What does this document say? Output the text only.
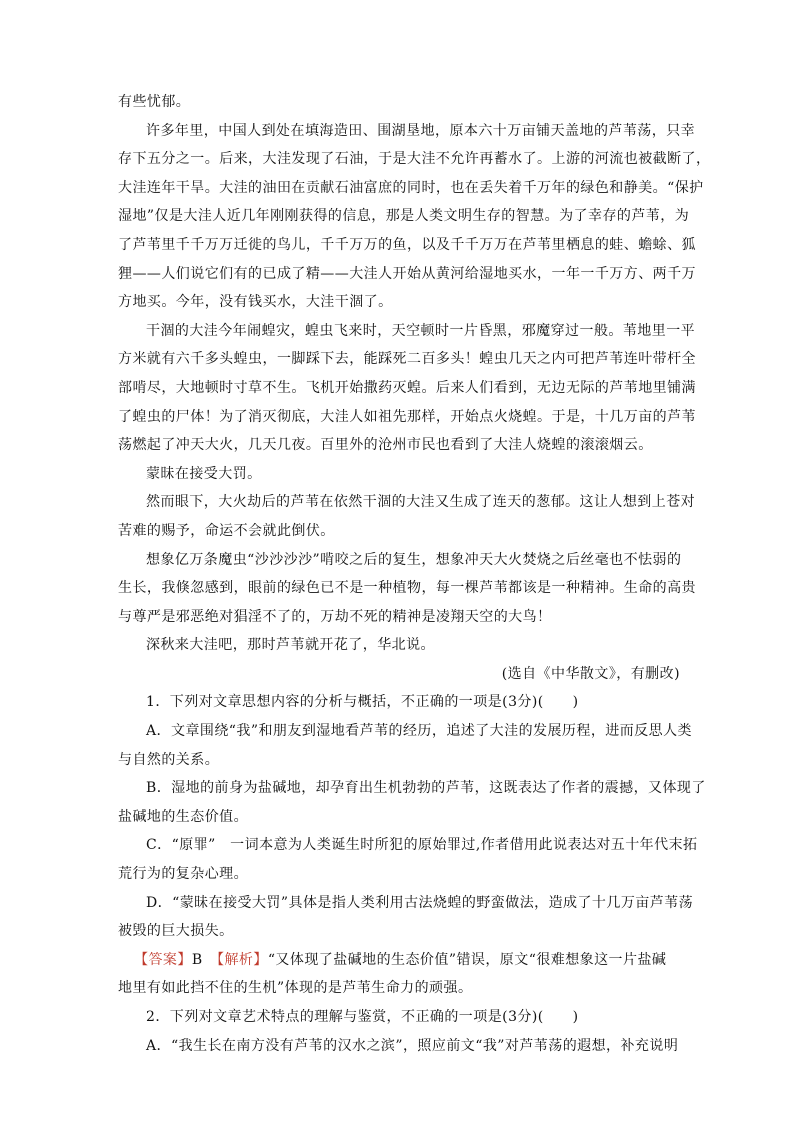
有些忧郁。
许多年里，中国人到处在填海造田、围湖垦地，原本六十万亩铺天盖地的芦苇荡，只幸
存下五分之一。后来，大洼发现了石油，于是大洼不允许再蓄水了。上游的河流也被截断了，
大洼连年干旱。大洼的油田在贡献石油富庶的同时，也在丢失着千万年的绿色和静美。“保护
湿地”仅是大洼人近几年刚刚获得的信息，那是人类文明生存的智慧。为了幸存的芦苇，为
了芦苇里千千万万迁徙的鸟儿，千千万万的鱼，以及千千万万在芦苇里栖息的蛙、蟾蜍、狐
狸——人们说它们有的已成了精——大洼人开始从黄河给湿地买水，一年一千万方、两千万
方地买。今年，没有钱买水，大洼干涸了。
干涸的大洼今年闹蝗灾，蝗虫飞来时，天空顿时一片昏黑，邪魔穿过一般。苇地里一平
方米就有六千多头蝗虫，一脚踩下去，能踩死二百多头！蝗虫几天之内可把芦苇连叶带杆全
部啃尽，大地顿时寸草不生。飞机开始撒药灭蝗。后来人们看到，无边无际的芦苇地里铺满
了蝗虫的尸体！为了消灭彻底，大洼人如祖先那样，开始点火烧蝗。于是，十几万亩的芦苇
荡燃起了冲天大火，几天几夜。百里外的沧州市民也看到了大洼人烧蝗的滚滚烟云。
蒙昧在接受大罚。
然而眼下，大火劫后的芦苇在依然干涸的大洼又生成了连天的葱郁。这让人想到上苍对
苦难的赐予，命运不会就此倒伏。
想象亿万条魔虫“沙沙沙沙”啃咬之后的复生，想象冲天大火焚烧之后丝毫也不怯弱的
生长，我倏忽感到，眼前的绿色已不是一种植物，每一棵芦苇都该是一种精神。生命的高贵
与尊严是邪恶绝对猖淫不了的，万劫不死的精神是凌翔天空的大鸟！
深秋来大洼吧，那时芦苇就开花了，华北说。
(选自《中华散文》，有删改)
1．下列对文章思想内容的分析与概括，不正确的一项是(3分)(　　)
A．文章围绕“我”和朋友到湿地看芦苇的经历，追述了大洼的发展历程，进而反思人类
与自然的关系。
B．湿地的前身为盐碱地，却孕育出生机勃勃的芦苇，这既表达了作者的震撼，又体现了
盐碱地的生态价值。
C．“原罪”　一词本意为人类诞生时所犯的原始罪过,作者借用此说表达对五十年代末拓
荒行为的复杂心理。
D．“蒙昧在接受大罚”具体是指人类利用古法烧蝗的野蛮做法，造成了十几万亩芦苇荡
被毁的巨大损失。
【答案】B　【解析】“又体现了盐碱地的生态价值”错误，原文“很难想象这一片盐碱
地里有如此挡不住的生机”体现的是芦苇生命力的顽强。
2．下列对文章艺术特点的理解与鉴赏，不正确的一项是(3分)(　　)
A．“我生长在南方没有芦苇的汉水之滨”，照应前文“我”对芦苇荡的遐想，补充说明
